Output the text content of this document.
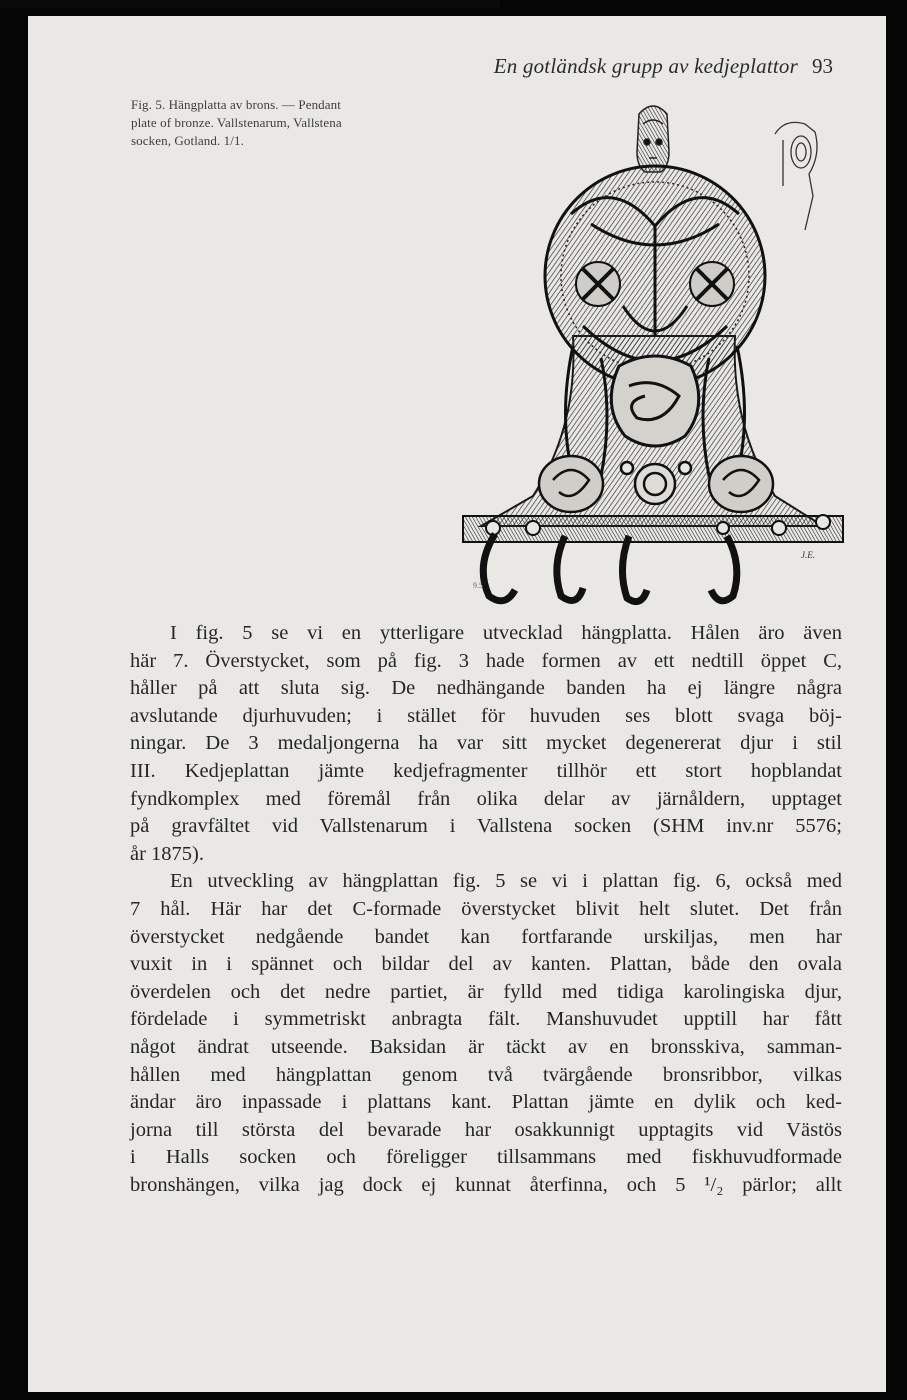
En gotländsk grupp av kedjeplattor 93
Fig. 5. Hängplatta av brons. — Pendant
plate of bronze. Vallstenarum, Vallstena
socken, Gotland. 1/1.
J.E.
9.5
I fig. 5 se vi en ytterligare utvecklad hängplatta. Hålen äro även
här 7. Överstycket, som på fig. 3 hade formen av ett nedtill öppet C,
håller på att sluta sig. De nedhängande banden ha ej längre några
avslutande djurhuvuden; i stället för huvuden ses blott svaga böj-
ningar. De 3 medaljongerna ha var sitt mycket degenererat djur i stil
III. Kedjeplattan jämte kedjefragmenter tillhör ett stort hopblandat
fyndkomplex med föremål från olika delar av järnåldern, upptaget
på gravfältet vid Vallstenarum i Vallstena socken (SHM inv.nr 5576;
år 1875).
En utveckling av hängplattan fig. 5 se vi i plattan fig. 6, också med
7 hål. Här har det C-formade överstycket blivit helt slutet. Det från
överstycket nedgående bandet kan fortfarande urskiljas, men har
vuxit in i spännet och bildar del av kanten. Plattan, både den ovala
överdelen och det nedre partiet, är fylld med tidiga karolingiska djur,
fördelade i symmetriskt anbragta fält. Manshuvudet upptill har fått
något ändrat utseende. Baksidan är täckt av en bronsskiva, samman-
hållen med hängplattan genom två tvärgående bronsribbor, vilkas
ändar äro inpassade i plattans kant. Plattan jämte en dylik och ked-
jorna till största del bevarade har osakkunnigt upptagits vid Västös
i Halls socken och föreligger tillsammans med fiskhuvudformade
bronshängen, vilka jag dock ej kunnat återfinna, och 5 ¹/₂ pärlor; allt
